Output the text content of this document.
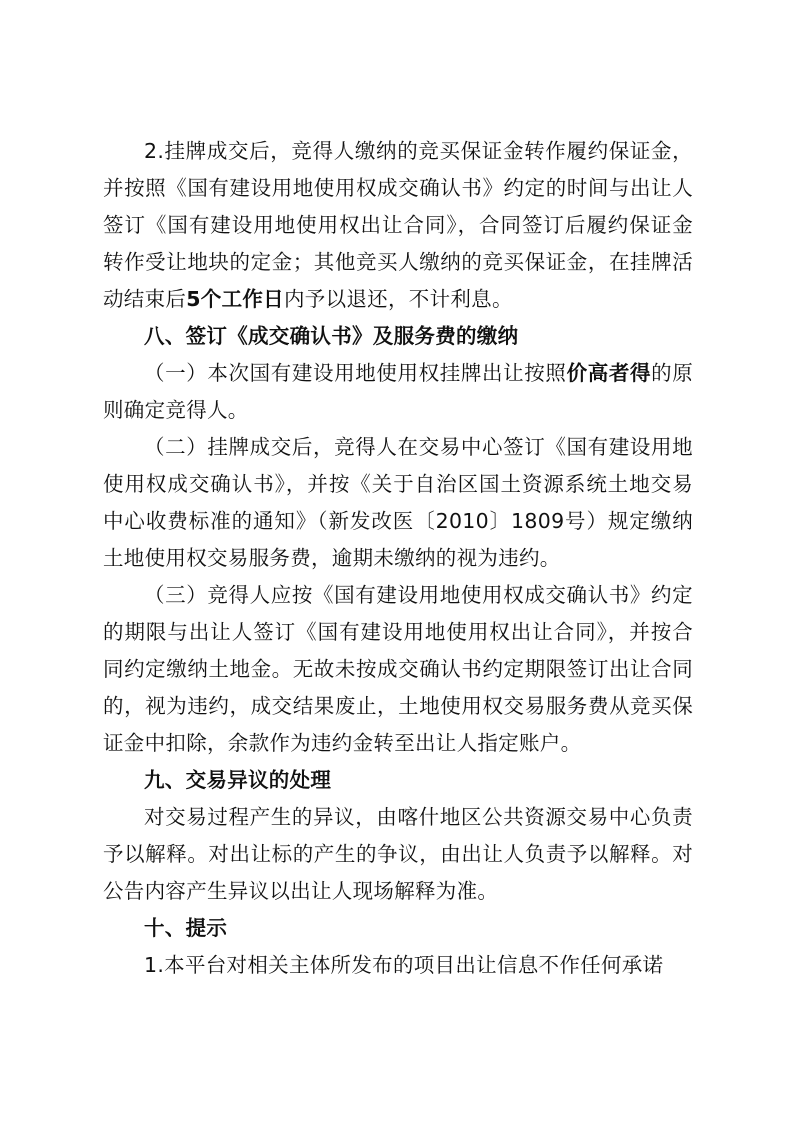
2.挂牌成交后，竞得人缴纳的竞买保证金转作履约保证金，并按照《国有建设用地使用权成交确认书》约定的时间与出让人签订《国有建设用地使用权出让合同》，合同签订后履约保证金转作受让地块的定金；其他竞买人缴纳的竞买保证金，在挂牌活动结束后5个工作日内予以退还，不计利息。

八、签订《成交确认书》及服务费的缴纳

（一）本次国有建设用地使用权挂牌出让按照价高者得的原则确定竞得人。

（二）挂牌成交后，竞得人在交易中心签订《国有建设用地使用权成交确认书》，并按《关于自治区国土资源系统土地交易中心收费标准的通知》（新发改医〔2010〕1809号）规定缴纳土地使用权交易服务费，逾期未缴纳的视为违约。

（三）竞得人应按《国有建设用地使用权成交确认书》约定的期限与出让人签订《国有建设用地使用权出让合同》，并按合同约定缴纳土地金。无故未按成交确认书约定期限签订出让合同的，视为违约，成交结果废止，土地使用权交易服务费从竞买保证金中扣除，余款作为违约金转至出让人指定账户。

九、交易异议的处理

对交易过程产生的异议，由喀什地区公共资源交易中心负责予以解释。对出让标的产生的争议，由出让人负责予以解释。对公告内容产生异议以出让人现场解释为准。

十、提示

1.本平台对相关主体所发布的项目出让信息不作任何承诺
